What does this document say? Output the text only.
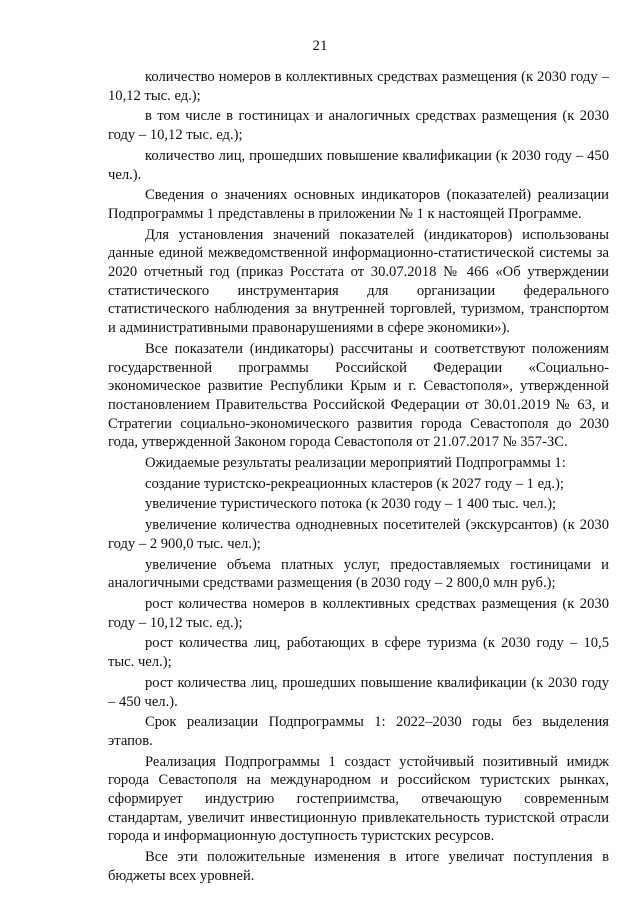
21

количество номеров в коллективных средствах размещения (к 2030 году – 10,12 тыс. ед.);

в том числе в гостиницах и аналогичных средствах размещения (к 2030 году – 10,12 тыс. ед.);

количество лиц, прошедших повышение квалификации (к 2030 году – 450 чел.).

Сведения о значениях основных индикаторов (показателей) реализации Подпрограммы 1 представлены в приложении № 1 к настоящей Программе.

Для установления значений показателей (индикаторов) использованы данные единой межведомственной информационно-статистической системы за 2020 отчетный год (приказ Росстата от 30.07.2018 № 466 «Об утверждении статистического инструментария для организации федерального статистического наблюдения за внутренней торговлей, туризмом, транспортом и административными правонарушениями в сфере экономики»).

Все показатели (индикаторы) рассчитаны и соответствуют положениям государственной программы Российской Федерации «Социально-экономическое развитие Республики Крым и г. Севастополя», утвержденной постановлением Правительства Российской Федерации от 30.01.2019 № 63, и Стратегии социально-экономического развития города Севастополя до 2030 года, утвержденной Законом города Севастополя от 21.07.2017 № 357-ЗС.

Ожидаемые результаты реализации мероприятий Подпрограммы 1:

создание туристско-рекреационных кластеров (к 2027 году – 1 ед.);

увеличение туристического потока (к 2030 году – 1 400 тыс. чел.);

увеличение количества однодневных посетителей (экскурсантов) (к 2030 году – 2 900,0 тыс. чел.);

увеличение объема платных услуг, предоставляемых гостиницами и аналогичными средствами размещения (в 2030 году – 2 800,0 млн руб.);

рост количества номеров в коллективных средствах размещения (к 2030 году – 10,12 тыс. ед.);

рост количества лиц, работающих в сфере туризма (к 2030 году – 10,5 тыс. чел.);

рост количества лиц, прошедших повышение квалификации (к 2030 году – 450 чел.).

Срок реализации Подпрограммы 1: 2022–2030 годы без выделения этапов.

Реализация Подпрограммы 1 создаст устойчивый позитивный имидж города Севастополя на международном и российском туристских рынках, сформирует индустрию гостеприимства, отвечающую современным стандартам, увеличит инвестиционную привлекательность туристской отрасли города и информационную доступность туристских ресурсов.

Все эти положительные изменения в итоге увеличат поступления в бюджеты всех уровней.
